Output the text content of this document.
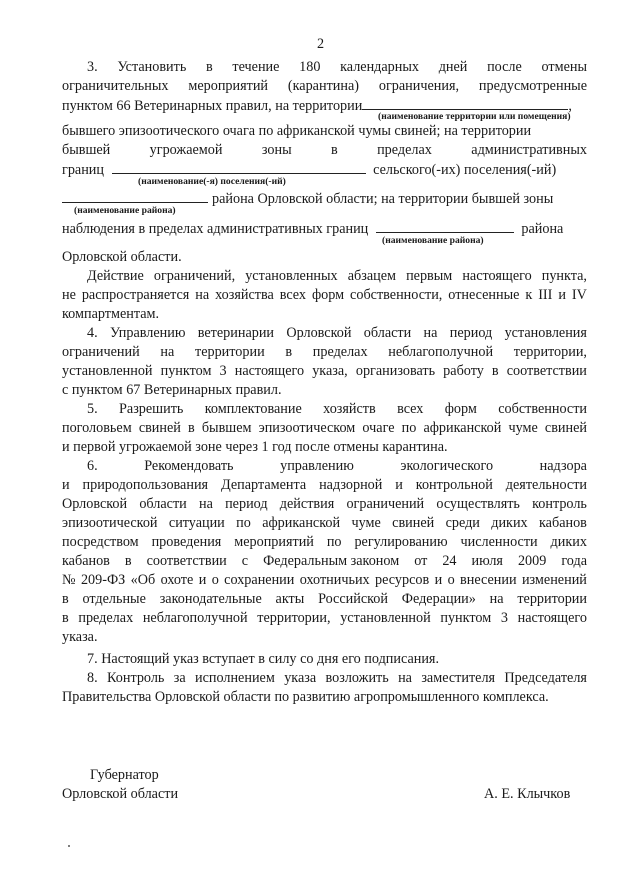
2
3. Установить в течение 180 календарных дней после отмены
ограничительных мероприятий (карантина) ограничения, предусмотренные
пунктом 66 Ветеринарных правил, на территории	,
(наименование территории или помещения)
бывшего эпизоотического очага по африканской чумы свиней; на территории
бывшей	угрожаемой	зоны	в	пределах	административных
границ	сельского(-их) поселения(-ий)
(наименование(-я) поселения(-ий)
района Орловской области; на территории бывшей зоны
(наименование района)
наблюдения в пределах административных границ	района
(наименование района)
Орловской области.
Действие ограничений, установленных абзацем первым настоящего пункта,
не распространяется на хозяйства всех форм собственности, отнесенные к III и IV
компартментам.
4. Управлению ветеринарии Орловской области на период установления
ограничений на территории в пределах неблагополучной территории,
установленной пунктом 3 настоящего указа, организовать работу в соответствии
с пунктом 67 Ветеринарных правил.
5. Разрешить комплектование хозяйств всех форм собственности
поголовьем свиней в бывшем эпизоотическом очаге по африканской чуме свиней
и первой угрожаемой зоне через 1 год после отмены карантина.
6.	Рекомендовать	управлению	экологического	надзора
и природопользования Департамента надзорной и контрольной деятельности
Орловской области на период действия ограничений осуществлять контроль
эпизоотической ситуации по африканской чуме свиней среди диких кабанов
посредством проведения мероприятий по регулированию численности диких
кабанов в соответствии с Федеральным законом от 24 июля 2009 года
№ 209-ФЗ «Об охоте и о сохранении охотничьих ресурсов и о внесении изменений
в отдельные законодательные акты Российской Федерации» на территории
в пределах неблагополучной территории, установленной пунктом 3 настоящего
указа.
7. Настоящий указ вступает в силу со дня его подписания.
8. Контроль за исполнением указа возложить на заместителя Председателя
Правительства Орловской области по развитию агропромышленного комплекса.
Губернатор
Орловской области	А. Е. Клычков
